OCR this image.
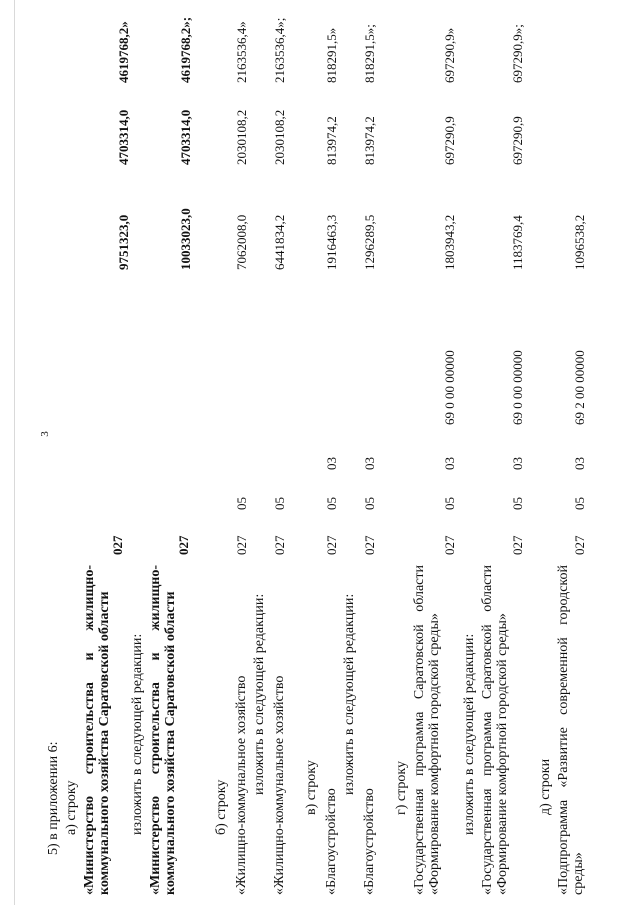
3
5) в приложении 6: а) строку «Министерство строительства и жилищно-коммунального хозяйства Саратовской области
027
9751323,0
4703314,0
4619768,2»
изложить в следующей редакции: «Министерство строительства и жилищно-коммунального хозяйства Саратовской области
027
10033023,0
4703314,0
4619768,2»;
б) строку «Жилищно-коммунальное хозяйство
027
05
7062008,0
2030108,2
2163536,4»
изложить в следующей редакции: «Жилищно-коммунальное хозяйство
027
05
6441834,2
2030108,2
2163536,4»;
в) строку
«Благоустройство
027
05
03
1916463,3
813974,2
818291,5»
изложить в следующей редакции:
«Благоустройство
027
05
03
1296289,5
813974,2
818291,5»;
г) строку «Государственная программа Саратовской области «Формирование комфортной городской среды»
027
05
03
69 0 00 00000
1803943,2
697290,9
697290,9»
изложить в следующей редакции: «Государственная программа Саратовской области «Формирование комфортной городской среды»
027
05
03
69 0 00 00000
1183769,4
697290,9
697290,9»;
д) строки «Подпрограмма «Развитие современной городской среды»
027
05
03
69 2 00 00000
1096538,2
